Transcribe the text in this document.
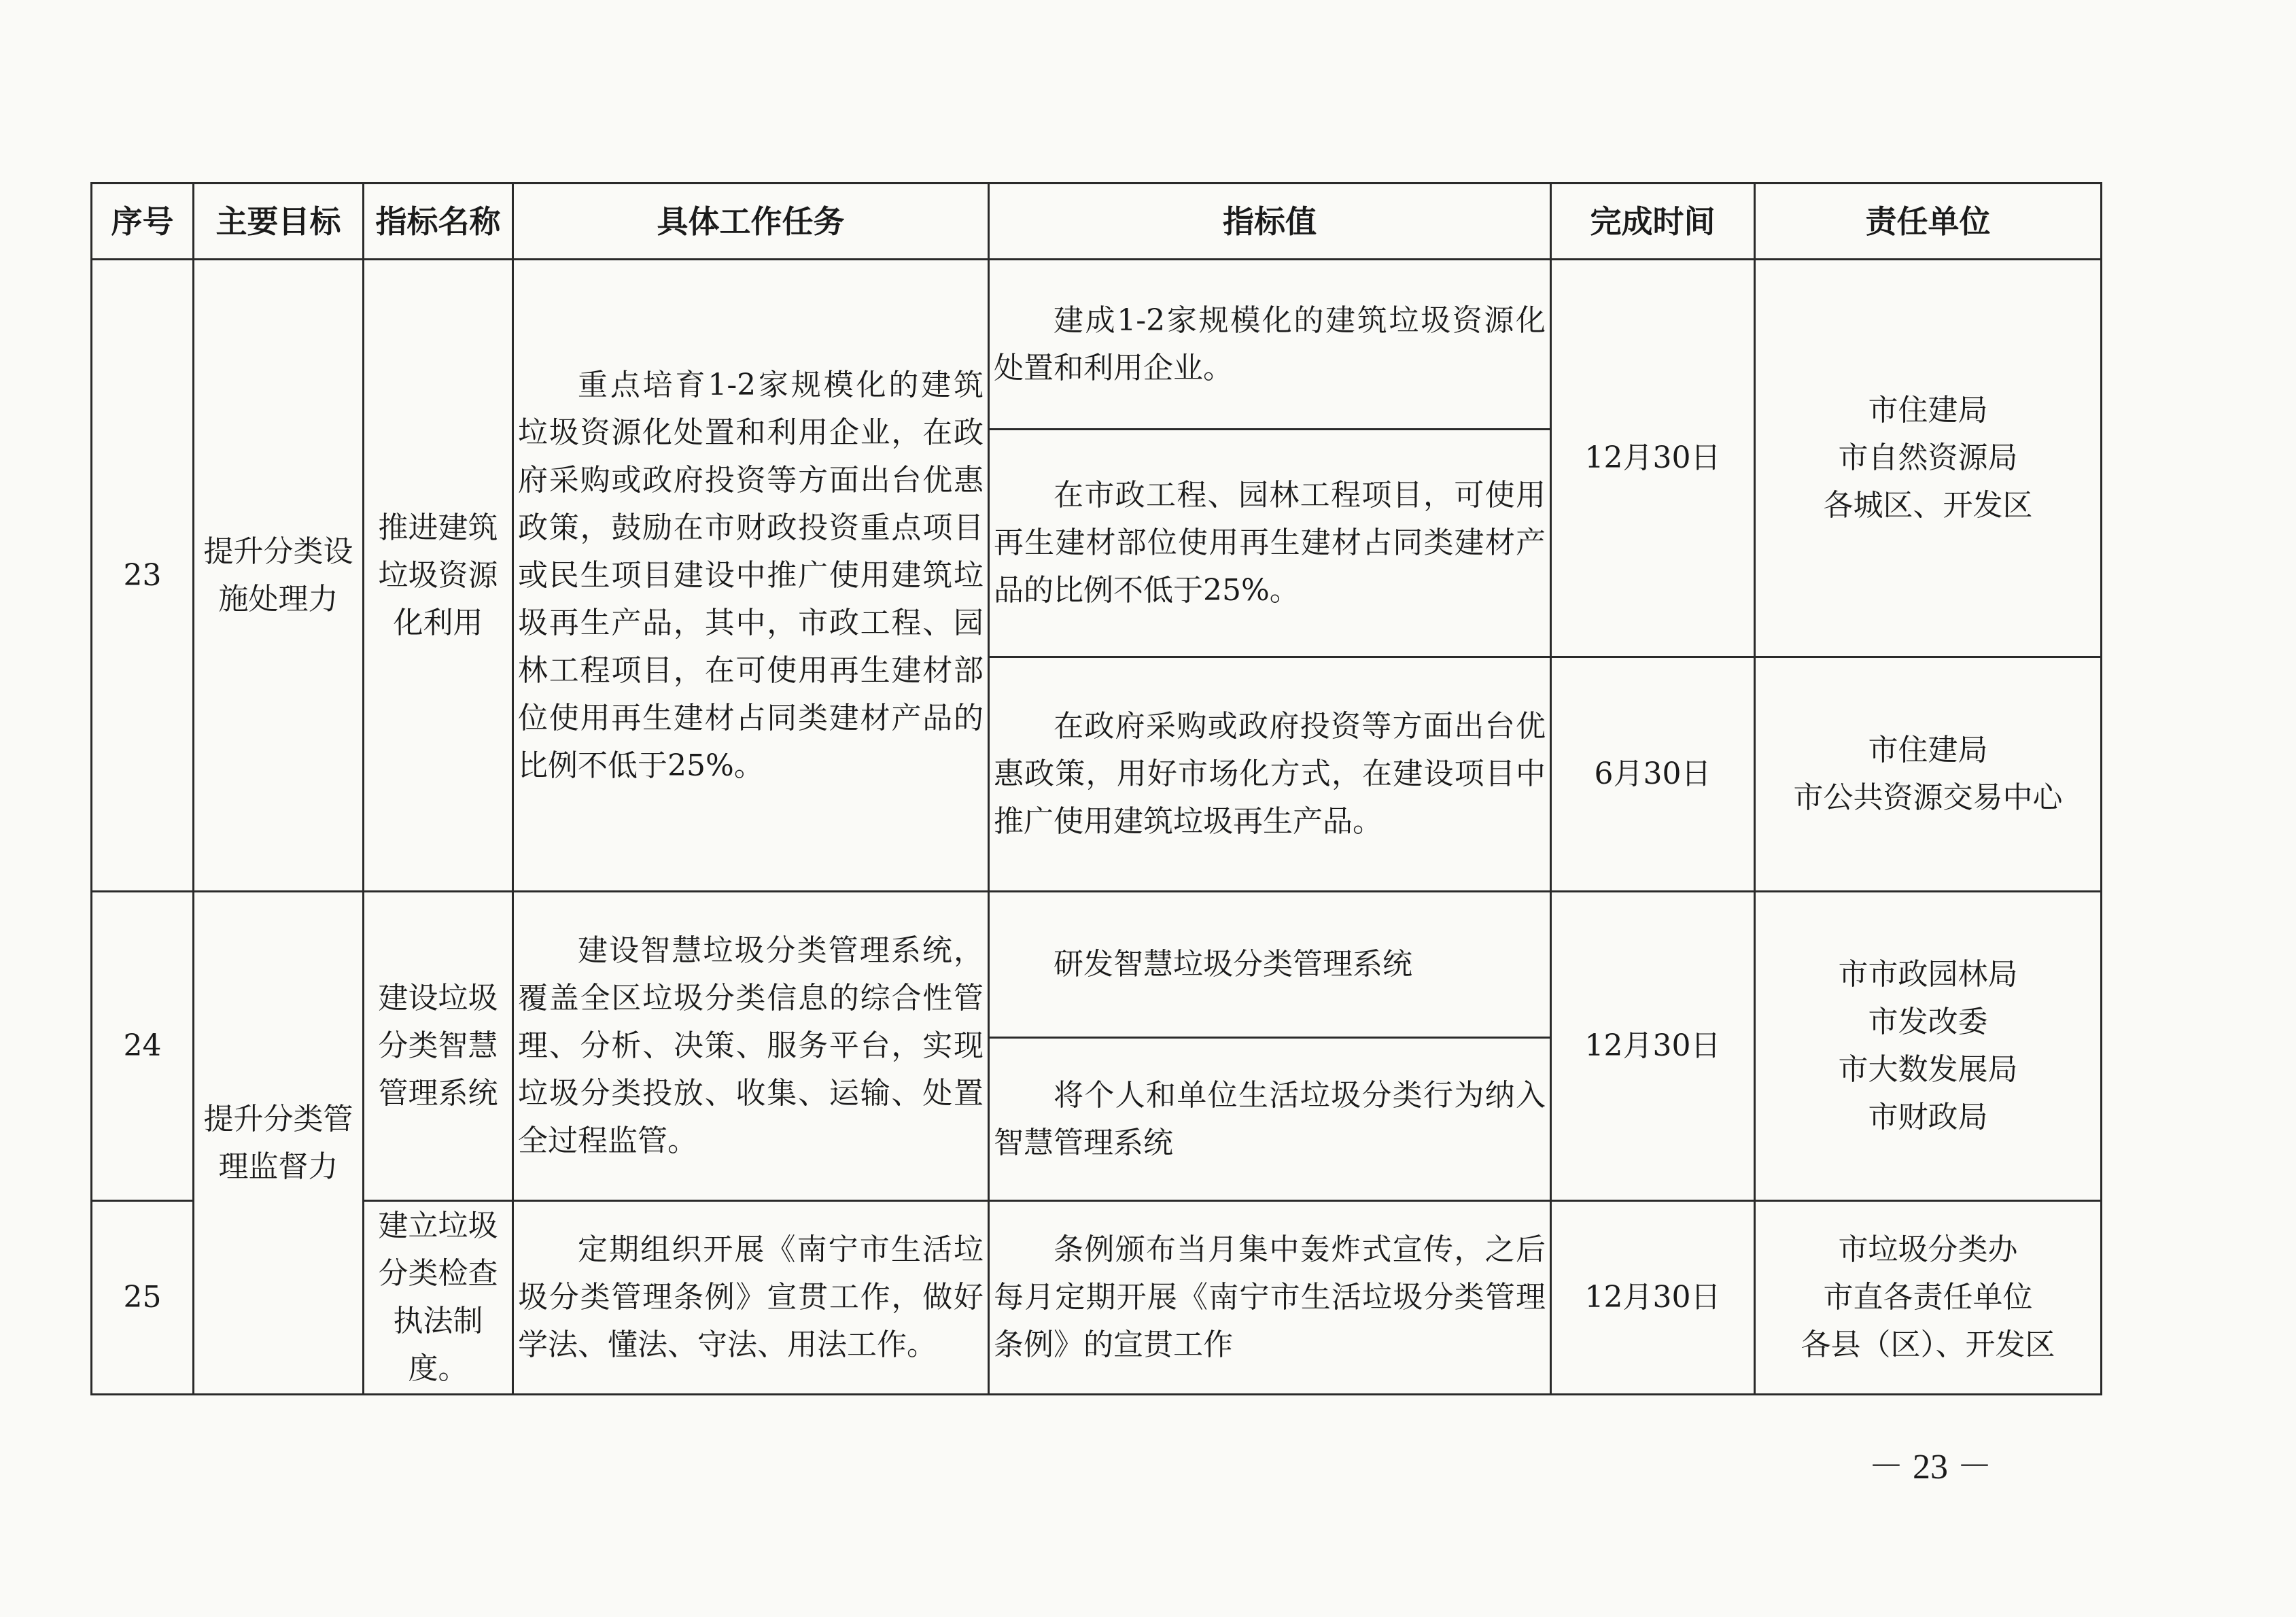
序号	主要目标	指标名称	具体工作任务	指标值	完成时间	责任单位
23	提升分类设施处理力	推进建筑垃圾资源化利用	重点培育1-2家规模化的建筑垃圾资源化处置和利用企业，在政府采购或政府投资等方面出台优惠政策，鼓励在市财政投资重点项目或民生项目建设中推广使用建筑垃圾再生产品，其中，市政工程、园林工程项目，在可使用再生建材部位使用再生建材占同类建材产品的比例不低于25%。	建成1-2家规模化的建筑垃圾资源化处置和利用企业。	12月30日	市住建局
市自然资源局
各城区、开发区

				在市政工程、园林工程项目，可使用再生建材部位使用再生建材占同类建材产品的比例不低于25%。		

				在政府采购或政府投资等方面出台优惠政策，用好市场化方式，在建设项目中推广使用建筑垃圾再生产品。	6月30日	市住建局
市公共资源交易中心

24	提升分类管理监督力	建设垃圾分类智慧管理系统	建设智慧垃圾分类管理系统，覆盖全区垃圾分类信息的综合性管理、分析、决策、服务平台，实现垃圾分类投放、收集、运输、处置全过程监管。	研发智慧垃圾分类管理系统	12月30日	市市政园林局
市发改委
市大数发展局
市财政局

				将个人和单位生活垃圾分类行为纳入智慧管理系统		

25		建立垃圾分类检查执法制度。	定期组织开展《南宁市生活垃圾分类管理条例》宣贯工作，做好学法、懂法、守法、用法工作。	条例颁布当月集中轰炸式宣传，之后每月定期开展《南宁市生活垃圾分类管理条例》的宣贯工作	12月30日	市垃圾分类办
市直各责任单位
各县（区）、开发区
－ 23 －
